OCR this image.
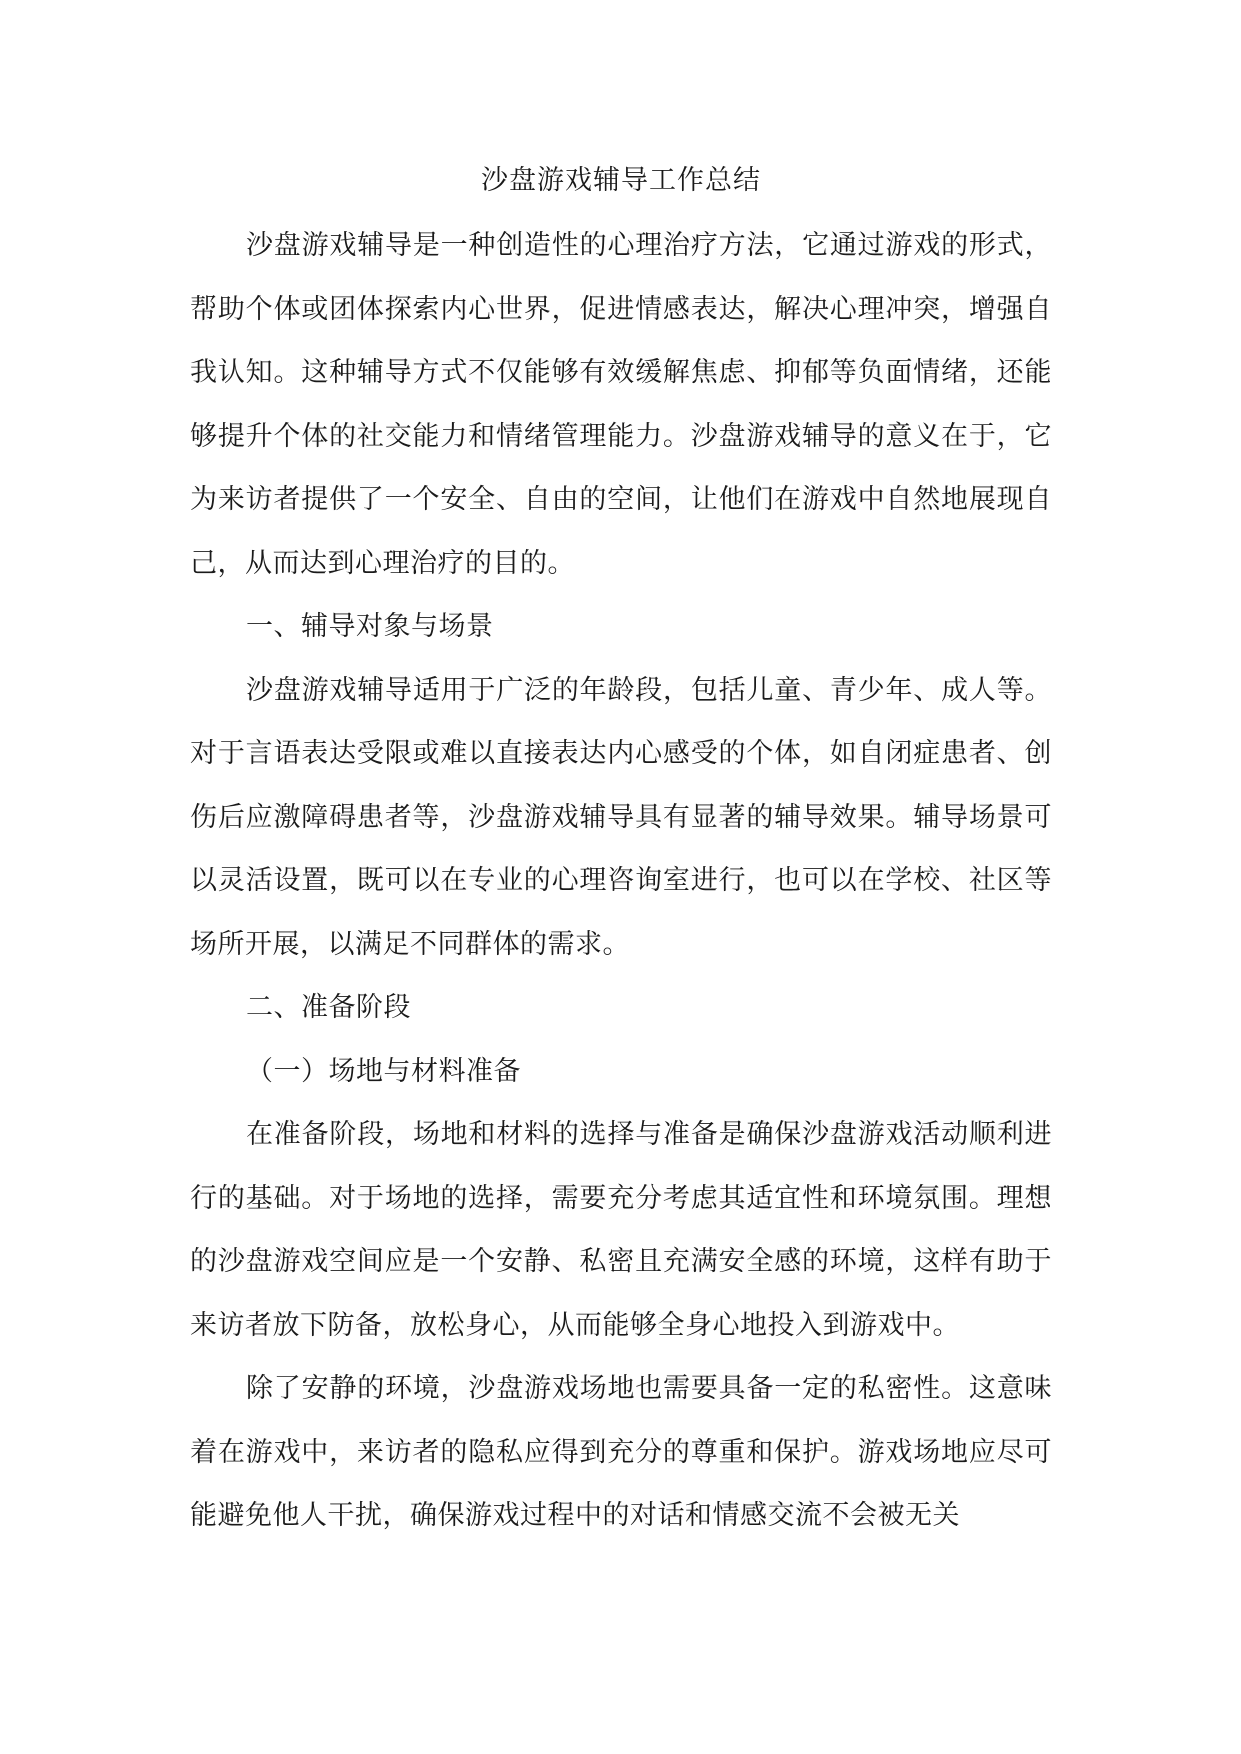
沙盘游戏辅导工作总结

沙盘游戏辅导是一种创造性的心理治疗方法，它通过游戏的形式，帮助个体或团体探索内心世界，促进情感表达，解决心理冲突，增强自我认知。这种辅导方式不仅能够有效缓解焦虑、抑郁等负面情绪，还能够提升个体的社交能力和情绪管理能力。沙盘游戏辅导的意义在于，它为来访者提供了一个安全、自由的空间，让他们在游戏中自然地展现自己，从而达到心理治疗的目的。

一、辅导对象与场景

沙盘游戏辅导适用于广泛的年龄段，包括儿童、青少年、成人等。对于言语表达受限或难以直接表达内心感受的个体，如自闭症患者、创伤后应激障碍患者等，沙盘游戏辅导具有显著的辅导效果。辅导场景可以灵活设置，既可以在专业的心理咨询室进行，也可以在学校、社区等场所开展，以满足不同群体的需求。

二、准备阶段

（一）场地与材料准备

在准备阶段，场地和材料的选择与准备是确保沙盘游戏活动顺利进行的基础。对于场地的选择，需要充分考虑其适宜性和环境氛围。理想的沙盘游戏空间应是一个安静、私密且充满安全感的环境，这样有助于来访者放下防备，放松身心，从而能够全身心地投入到游戏中。

除了安静的环境，沙盘游戏场地也需要具备一定的私密性。这意味着在游戏中，来访者的隐私应得到充分的尊重和保护。游戏场地应尽可能避免他人干扰，确保游戏过程中的对话和情感交流不会被无关
